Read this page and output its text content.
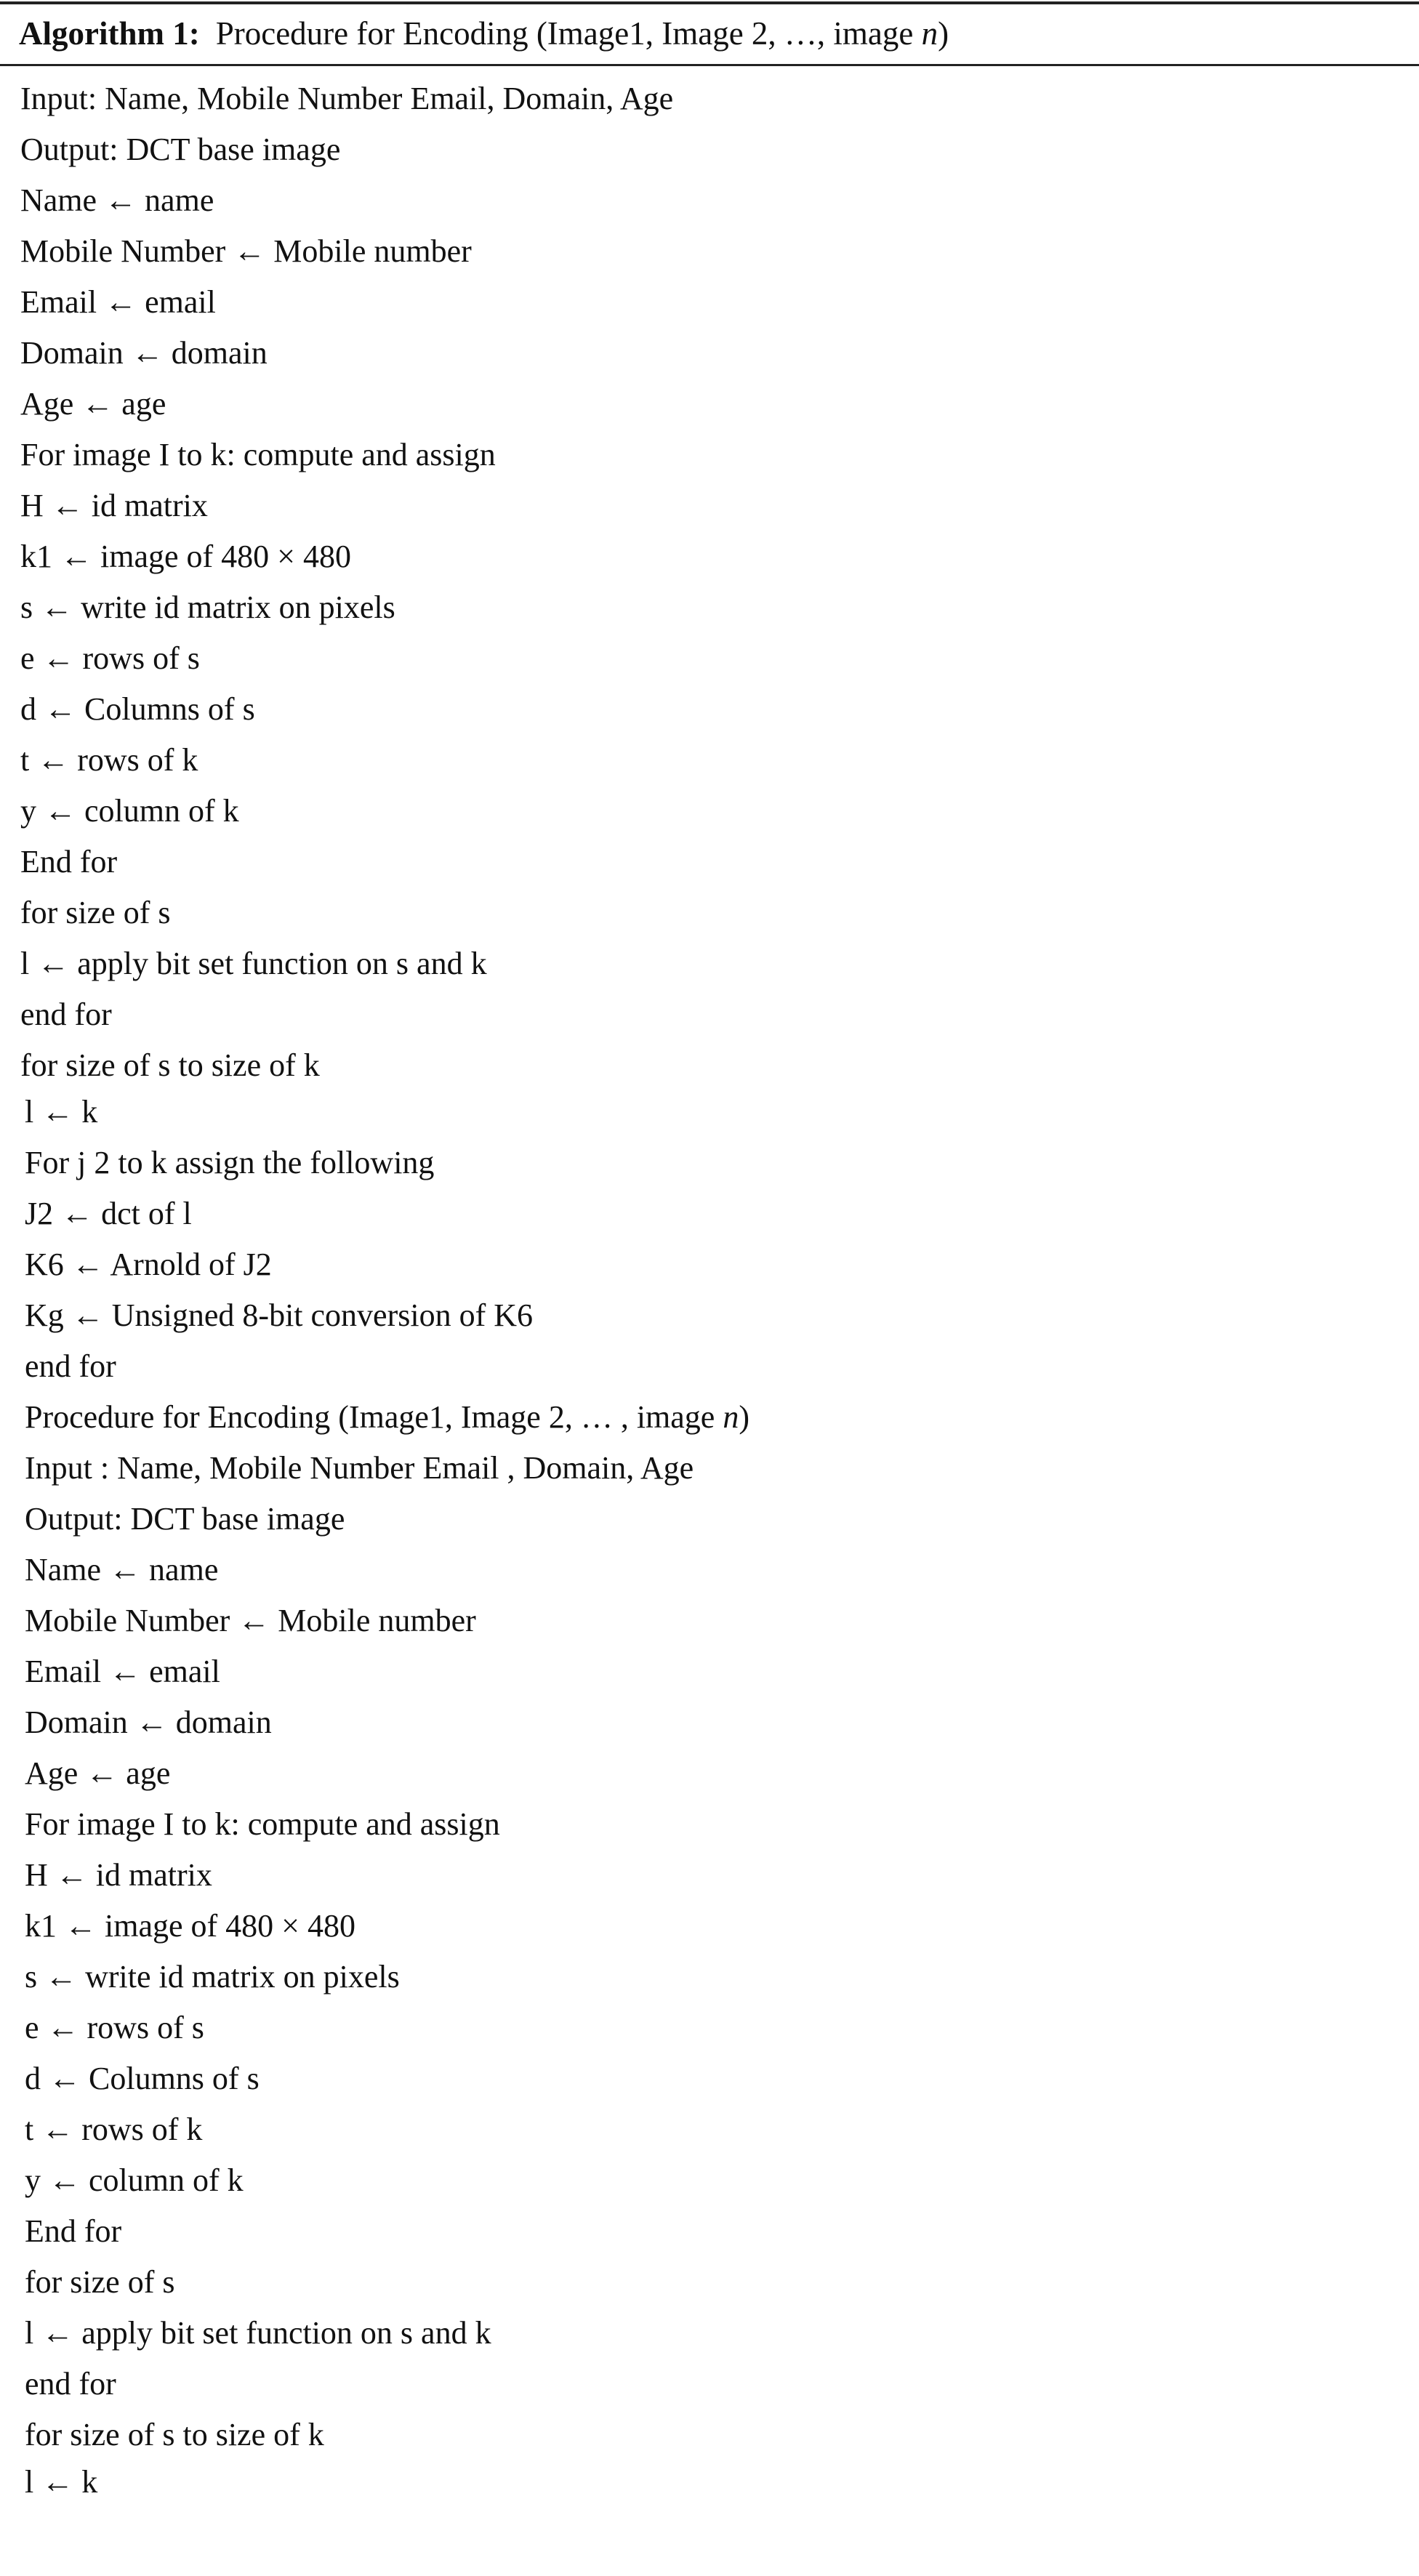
Algorithm 1: Procedure for Encoding (Image1, Image 2, …, image n)
Input: Name, Mobile Number Email, Domain, Age
Output: DCT base image
Name ← name
Mobile Number ← Mobile number
Email ← email
Domain ← domain
Age ← age
For image I to k: compute and assign
H ← id matrix
k1 ← image of 480 × 480
s ← write id matrix on pixels
e ← rows of s
d ← Columns of s
t ← rows of k
y ← column of k
End for
for size of s
l ← apply bit set function on s and k
end for
for size of s to size of k
l ← k
For j 2 to k assign the following
J2 ← dct of l
K6 ← Arnold of J2
Kg ← Unsigned 8-bit conversion of K6
end for
Procedure for Encoding (Image1, Image 2, … , image n)
Input : Name, Mobile Number Email , Domain, Age
Output: DCT base image
Name ← name
Mobile Number ← Mobile number
Email ← email
Domain ← domain
Age ← age
For image I to k: compute and assign
H ← id matrix
k1 ← image of 480 × 480
s ← write id matrix on pixels
e ← rows of s
d ← Columns of s
t ← rows of k
y ← column of k
End for
for size of s
l ← apply bit set function on s and k
end for
for size of s to size of k
l ← k
